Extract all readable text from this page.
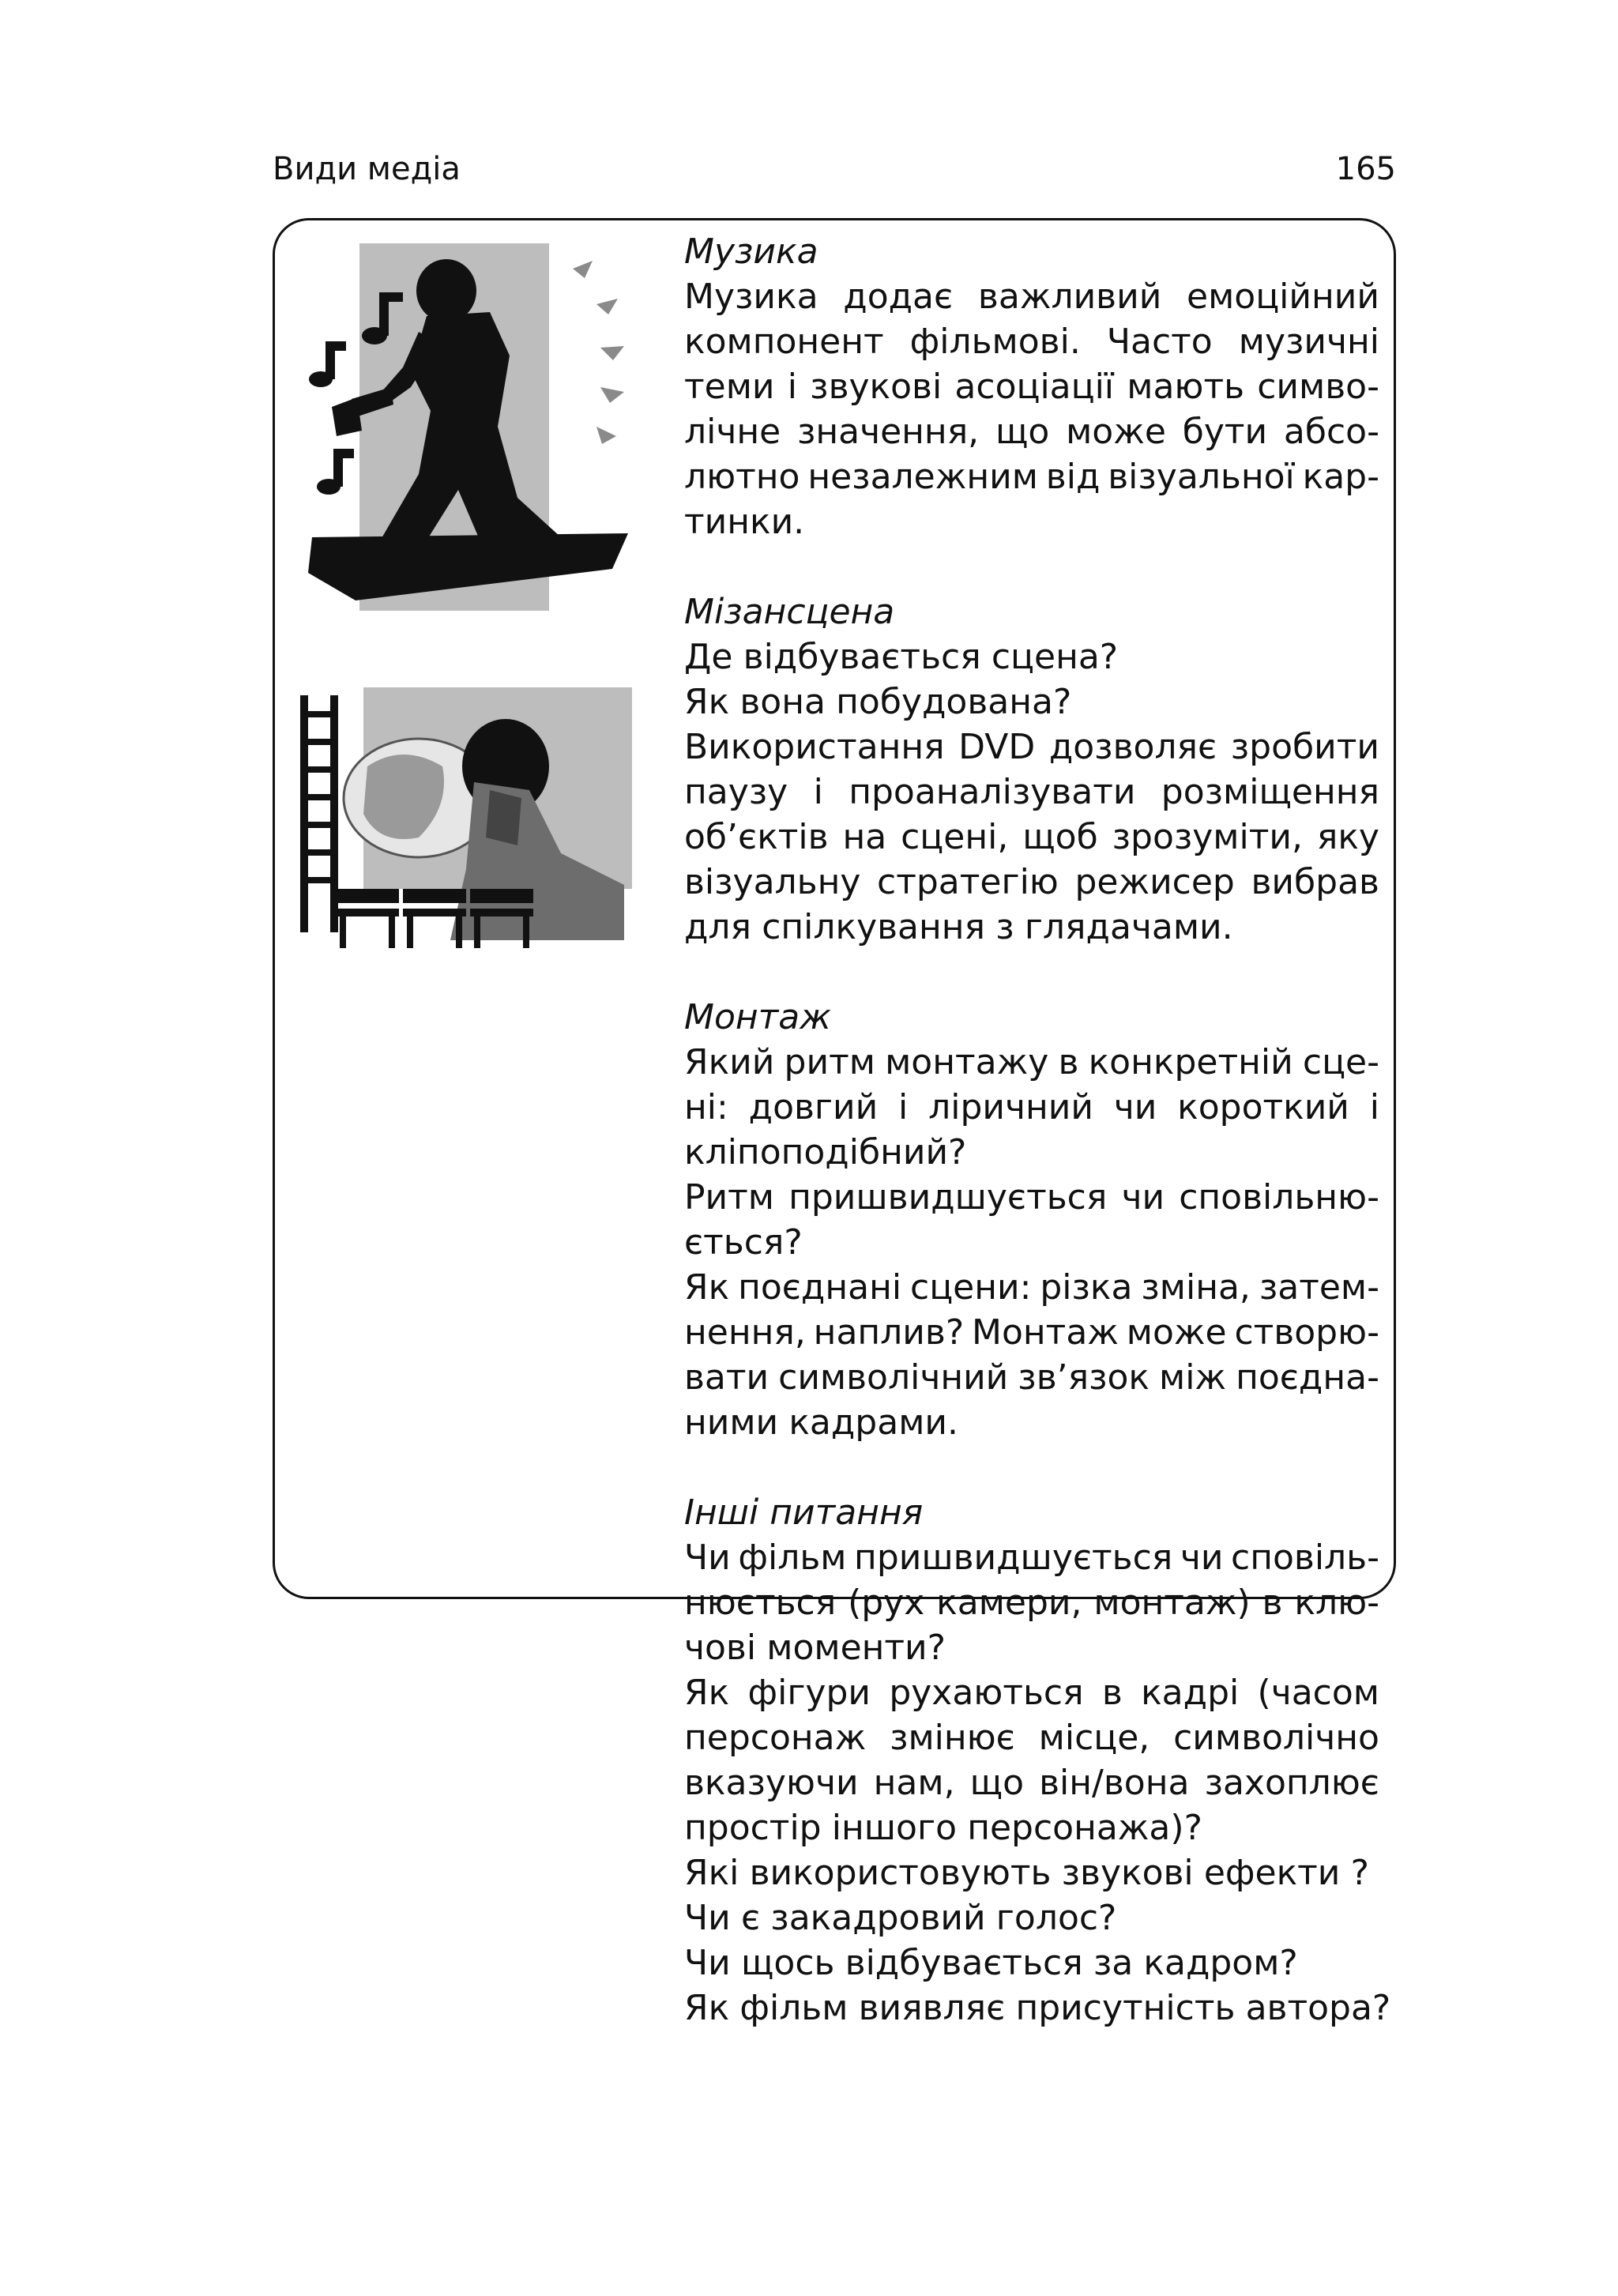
Види медіа	165
Музика
Музика додає важливий емоційний
компонент фільмові. Часто музичні
теми і звукові асоціації мають симво-
лічне значення, що може бути абсо-
лютно незалежним від візуальної кар-
тинки.
Мізансцена
Де відбувається сцена?
Як вона побудована?
Використання DVD дозволяє зробити
паузу і проаналізувати розміщення
об’єктів на сцені, щоб зрозуміти, яку
візуальну стратегію режисер вибрав
для спілкування з глядачами.
Монтаж
Який ритм монтажу в конкретній сце-
ні: довгий і ліричний чи короткий і
кліпоподібний?
Ритм пришвидшується чи сповільню-
ється?
Як поєднані сцени: різка зміна, затем-
нення, наплив? Монтаж може створю-
вати символічний зв’язок між поєдна-
ними кадрами.
Інші питання
Чи фільм пришвидшується чи сповіль-
нюється (рух камери, монтаж) в клю-
чові моменти?
Як фігури рухаються в кадрі (часом
персонаж змінює місце, символічно
вказуючи нам, що він/вона захоплює
простір іншого персонажа)?
Які використовують звукові ефекти ?
Чи є закадровий голос?
Чи щось відбувається за кадром?
Як фільм виявляє присутність автора?
